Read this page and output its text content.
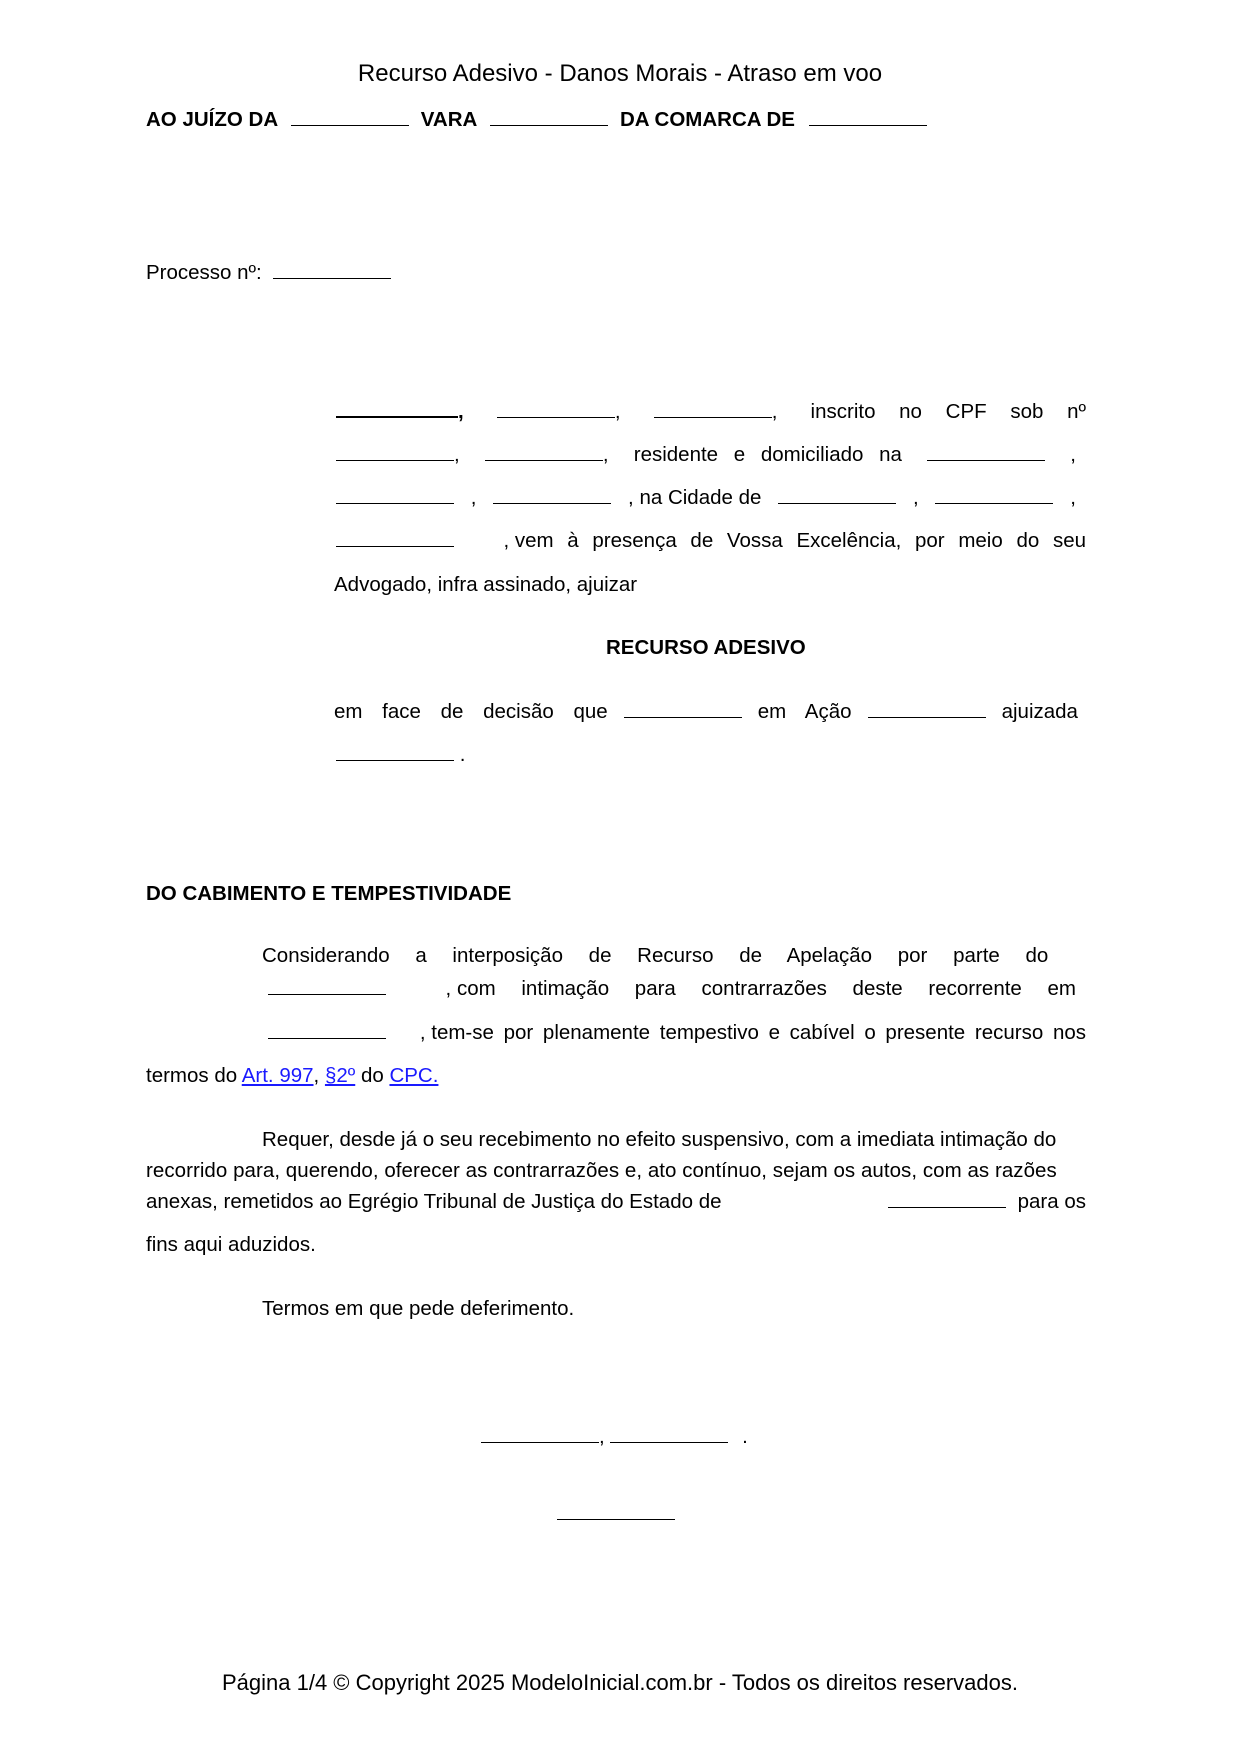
Recurso Adesivo - Danos Morais - Atraso em voo
AO JUÍZO DA	VARA	DA COMARCA DE
Processo nº:
,	,	, inscrito no CPF sob nº
,	, residente e domiciliado na	,
,	, na Cidade de	,	,
, vem à presença de Vossa Excelência, por meio do seu
Advogado, infra assinado, ajuizar
RECURSO ADESIVO
em face de decisão que	em Ação	ajuizada
.
DO CABIMENTO E TEMPESTIVIDADE
Considerando a interposição de Recurso de Apelação por parte do
, com intimação para contrarrazões deste recorrente em
, tem-se por plenamente tempestivo e cabível o presente recurso nos
termos do Art. 997, §2º do CPC.
Requer, desde já o seu recebimento no efeito suspensivo, com a imediata intimação do
recorrido para, querendo, oferecer as contrarrazões e, ato contínuo, sejam os autos, com as razões
anexas, remetidos ao Egrégio Tribunal de Justiça do Estado de	para os
fins aqui aduzidos.
Termos em que pede deferimento.
,	.
Página 1/4 © Copyright 2025 ModeloInicial.com.br - Todos os direitos reservados.
